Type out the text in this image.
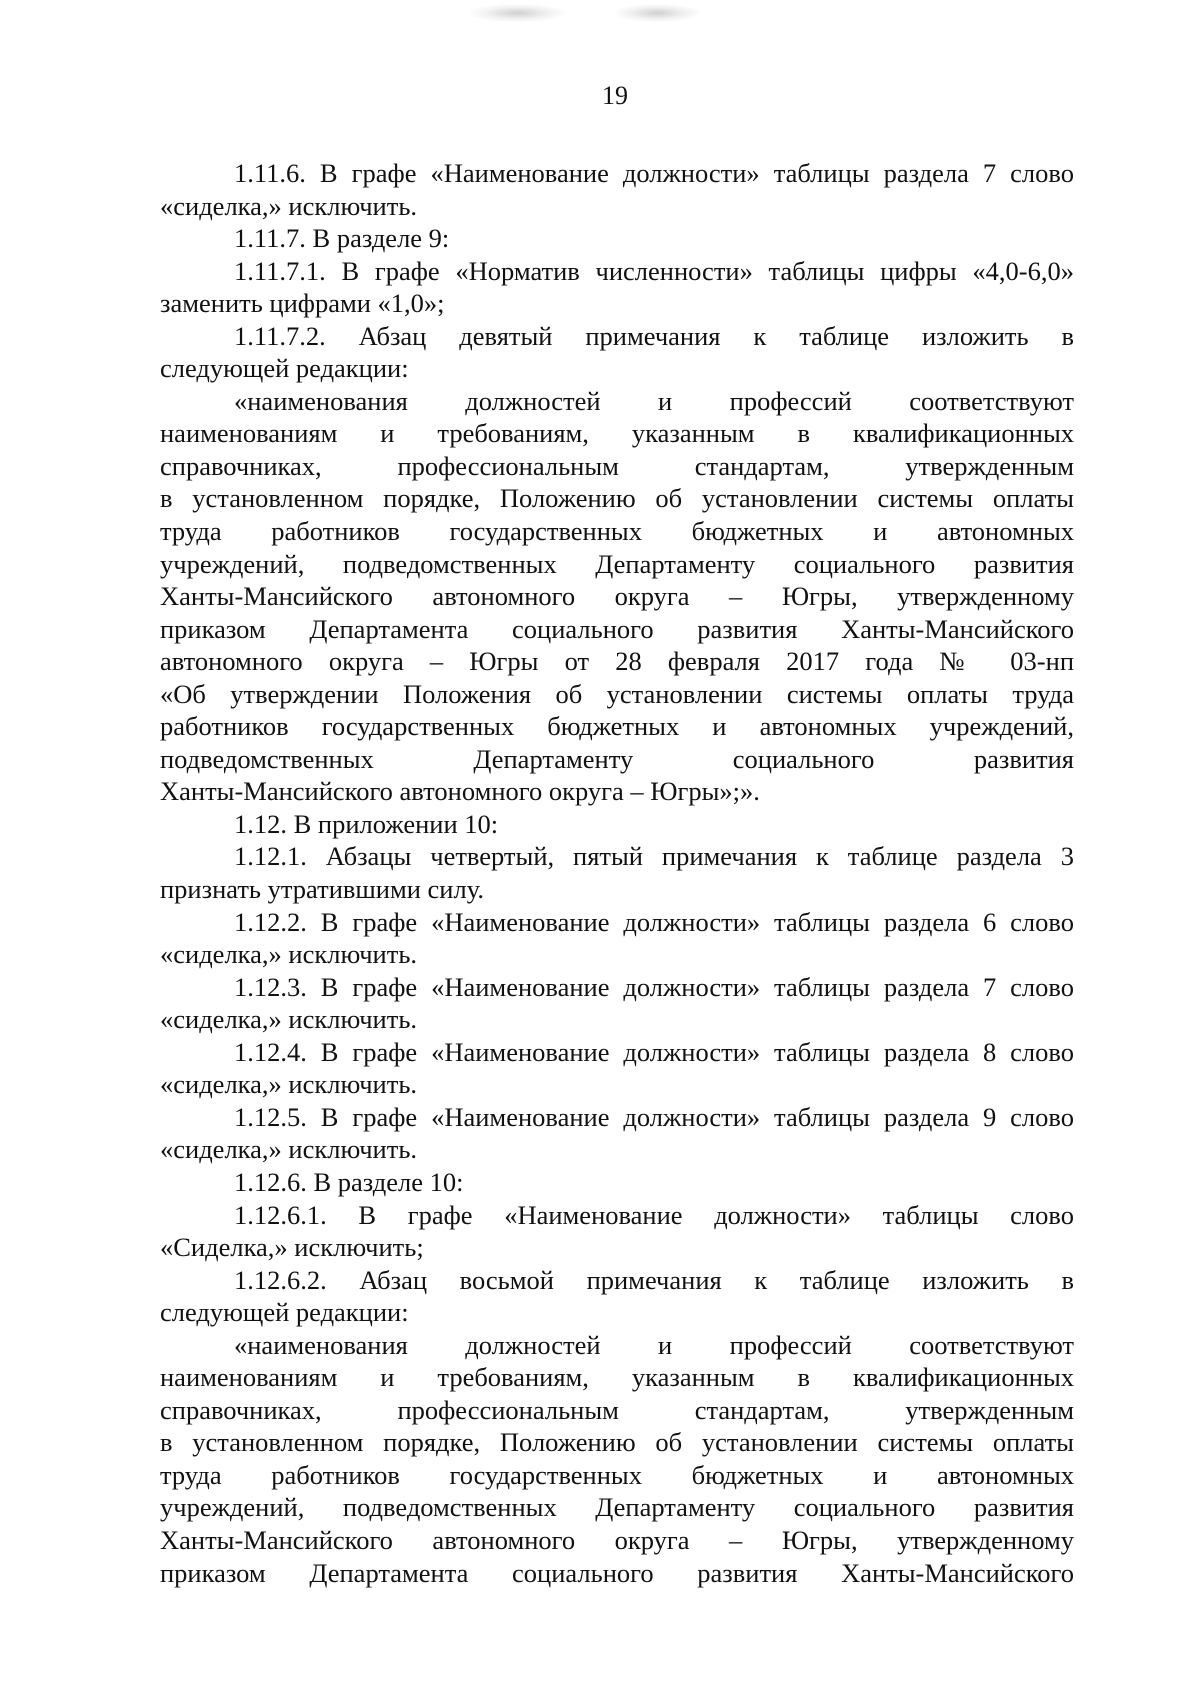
19
1.11.6. В графе «Наименование должности» таблицы раздела 7 слово
«сиделка,» исключить.
1.11.7. В разделе 9:
1.11.7.1. В графе «Норматив численности» таблицы цифры «4,0-6,0»
заменить цифрами «1,0»;
1.11.7.2. Абзац девятый примечания к таблице изложить в
следующей редакции:
«наименования должностей и профессий соответствуют
наименованиям и требованиям, указанным в квалификационных
справочниках, профессиональным стандартам, утвержденным
в установленном порядке, Положению об установлении системы оплаты
труда работников государственных бюджетных и автономных
учреждений, подведомственных Департаменту социального развития
Ханты-Мансийского автономного округа – Югры, утвержденному
приказом Департамента социального развития Ханты-Мансийского
автономного округа – Югры от 28 февраля 2017 года № 03-нп
«Об утверждении Положения об установлении системы оплаты труда
работников государственных бюджетных и автономных учреждений,
подведомственных Департаменту социального развития
Ханты-Мансийского автономного округа – Югры»;».
1.12. В приложении 10:
1.12.1. Абзацы четвертый, пятый примечания к таблице раздела 3
признать утратившими силу.
1.12.2. В графе «Наименование должности» таблицы раздела 6 слово
«сиделка,» исключить.
1.12.3. В графе «Наименование должности» таблицы раздела 7 слово
«сиделка,» исключить.
1.12.4. В графе «Наименование должности» таблицы раздела 8 слово
«сиделка,» исключить.
1.12.5. В графе «Наименование должности» таблицы раздела 9 слово
«сиделка,» исключить.
1.12.6. В разделе 10:
1.12.6.1. В графе «Наименование должности» таблицы слово
«Сиделка,» исключить;
1.12.6.2. Абзац восьмой примечания к таблице изложить в
следующей редакции:
«наименования должностей и профессий соответствуют
наименованиям и требованиям, указанным в квалификационных
справочниках, профессиональным стандартам, утвержденным
в установленном порядке, Положению об установлении системы оплаты
труда работников государственных бюджетных и автономных
учреждений, подведомственных Департаменту социального развития
Ханты-Мансийского автономного округа – Югры, утвержденному
приказом Департамента социального развития Ханты-Мансийского
